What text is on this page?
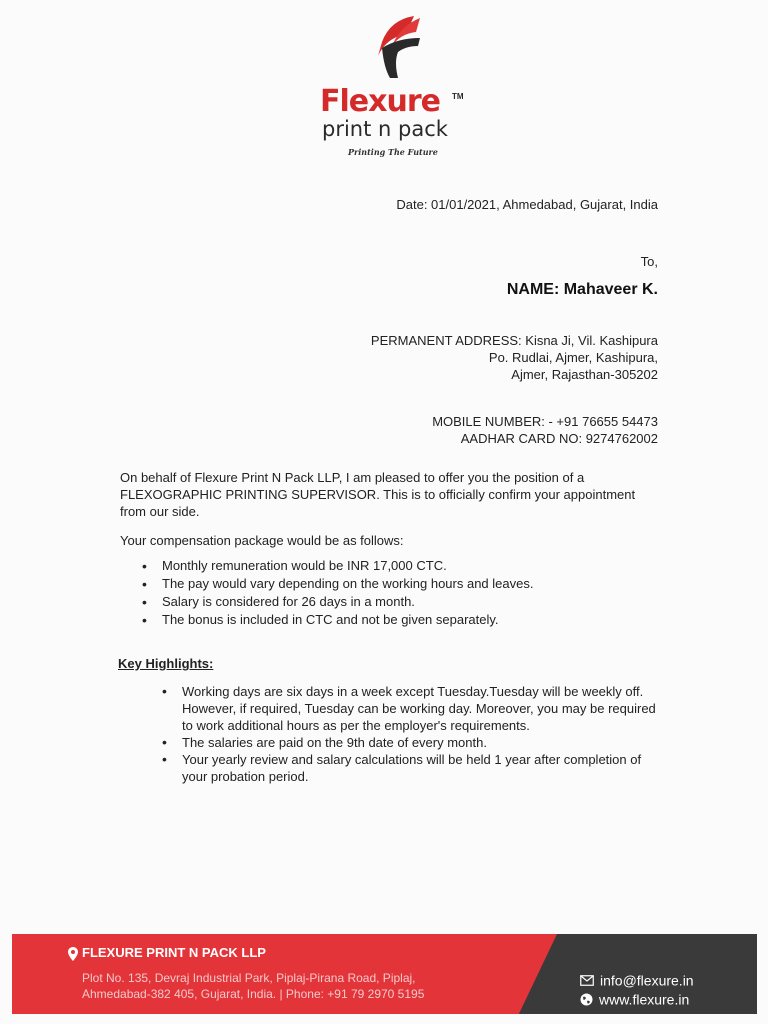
Flexure TM
print n pack
Printing The Future
Date: 01/01/2021, Ahmedabad, Gujarat, India
To,
NAME: Mahaveer K.
PERMANENT ADDRESS: Kisna Ji, Vil. Kashipura
Po. Rudlai, Ajmer, Kashipura,
Ajmer, Rajasthan-305202
MOBILE NUMBER: - +91 76655 54473
AADHAR CARD NO: 9274762002
On behalf of Flexure Print N Pack LLP, I am pleased to offer you the position of a FLEXOGRAPHIC PRINTING SUPERVISOR. This is to officially confirm your appointment from our side.
Your compensation package would be as follows:
• Monthly remuneration would be INR 17,000 CTC.
• The pay would vary depending on the working hours and leaves.
• Salary is considered for 26 days in a month.
• The bonus is included in CTC and not be given separately.
Key Highlights:
• Working days are six days in a week except Tuesday.Tuesday will be weekly off. However, if required, Tuesday can be working day. Moreover, you may be required to work additional hours as per the employer's requirements.
• The salaries are paid on the 9th date of every month.
• Your yearly review and salary calculations will be held 1 year after completion of your probation period.
FLEXURE PRINT N PACK LLP
Plot No. 135, Devraj Industrial Park, Piplaj-Pirana Road, Piplaj,
Ahmedabad-382 405, Gujarat, India. | Phone: +91 79 2970 5195
info@flexure.in
www.flexure.in
